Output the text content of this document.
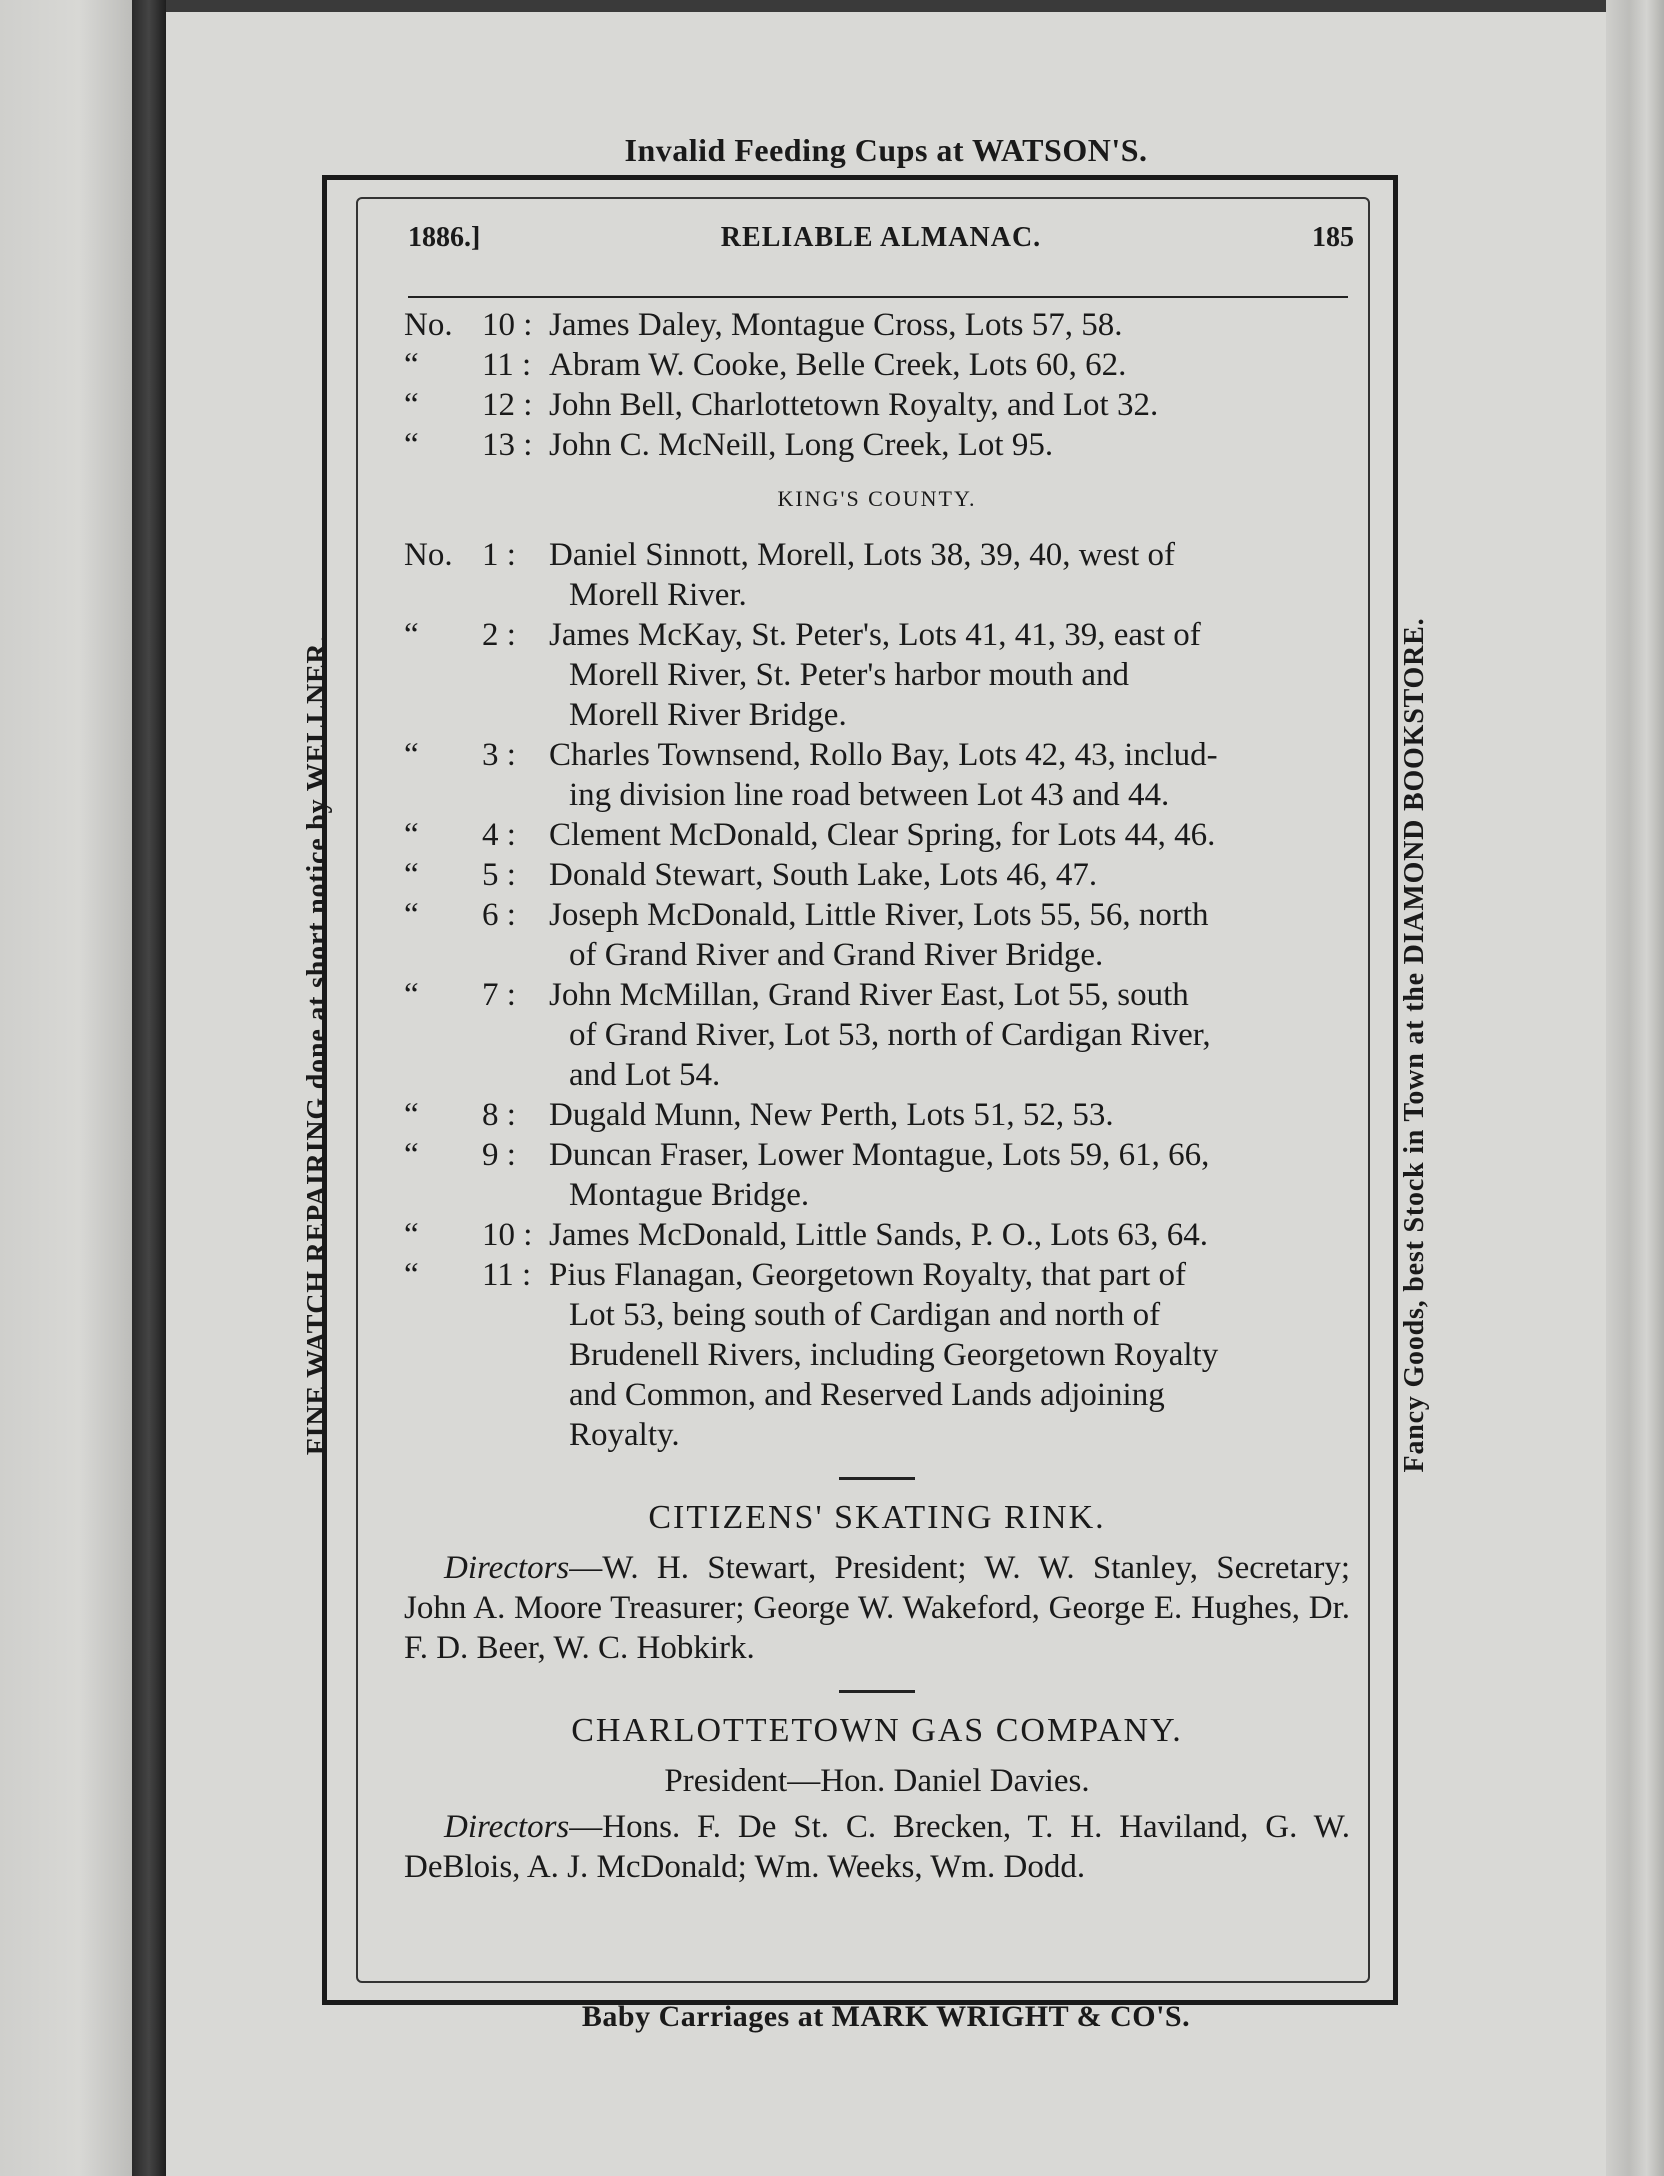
Invalid Feeding Cups at WATSON'S.
Baby Carriages at MARK WRIGHT & CO'S.
FINE WATCH REPAIRING done at short notice by WELLNER.	Fancy Goods, best Stock in Town at the DIAMOND BOOKSTORE.
RELIABLE ALMANAC.
1886.]	185
No. 10 : James Daley, Montague Cross, Lots 57, 58.
“ 11 : Abram W. Cooke, Belle Creek, Lots 60, 62.
“ 12 : John Bell, Charlottetown Royalty, and Lot 32.
“ 13 : John C. McNeill, Long Creek, Lot 95.
KING'S COUNTY.
No. 1 :	Daniel Sinnott, Morell, Lots 38, 39, 40, west of
Morell River.
“ 2 :	James McKay, St. Peter's, Lots 41, 41, 39, east of
Morell River, St. Peter's harbor mouth and
Morell River Bridge.
“ 3 :	Charles Townsend, Rollo Bay, Lots 42, 43, includ-
ing division line road between Lot 43 and 44.
“ 4 :	Clement McDonald, Clear Spring, for Lots 44, 46.
“ 5 :	Donald Stewart, South Lake, Lots 46, 47.
“ 6 :	Joseph McDonald, Little River, Lots 55, 56, north
of Grand River and Grand River Bridge.
“ 7 :	John McMillan, Grand River East, Lot 55, south
of Grand River, Lot 53, north of Cardigan River,
and Lot 54.
“ 8 :	Dugald Munn, New Perth, Lots 51, 52, 53.
“ 9 :	Duncan Fraser, Lower Montague, Lots 59, 61, 66,
Montague Bridge.
“ 10 : James McDonald, Little Sands, P. O., Lots 63, 64.
“ 11 : Pius Flanagan, Georgetown Royalty, that part of
Lot 53, being south of Cardigan and north of
Brudenell Rivers, including Georgetown Royalty
and Common, and Reserved Lands adjoining
Royalty.
CITIZENS' SKATING RINK.

Directors—W. H. Stewart, President; W. W. Stanley, Secretary; John A. Moore Treasurer; George W. Wakeford, George E. Hughes, Dr. F. D. Beer, W. C. Hobkirk.

CHARLOTTETOWN GAS COMPANY.

President—Hon. Daniel Davies.

Directors—Hons. F. De St. C. Brecken, T. H. Haviland, G. W. DeBlois, A. J. McDonald; Wm. Weeks, Wm. Dodd.
